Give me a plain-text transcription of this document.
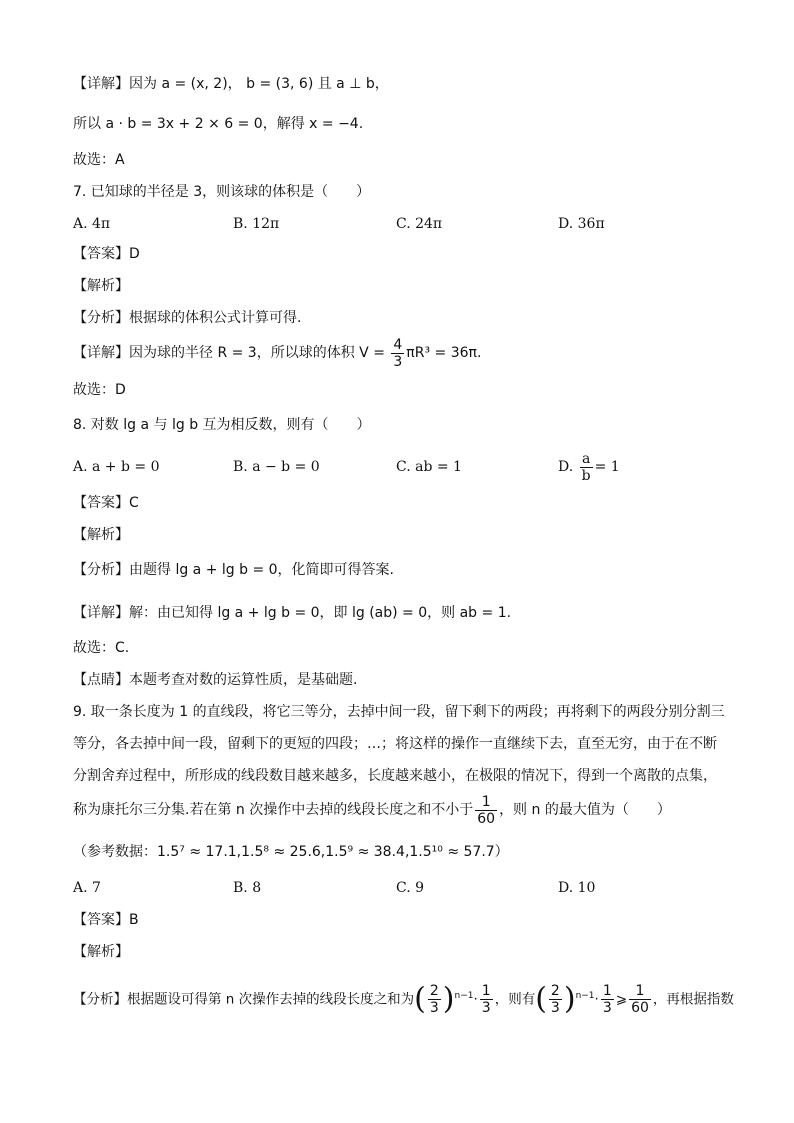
【详解】因为 a = (x, 2)， b = (3, 6) 且 a ⊥ b，
所以 a · b = 3x + 2 × 6 = 0，解得 x = −4.
故选：A
7. 已知球的半径是 3，则该球的体积是（　　）
A. 4π	B. 12π	C. 24π	D. 36π
【答案】D
【解析】
【分析】根据球的体积公式计算可得.
【详解】因为球的半径 R = 3，所以球的体积 $V = \frac{4}{3} \pi R^3 = 36\pi$.
故选：D
8. 对数 lg a 与 lg b 互为相反数，则有（　　）
A. a + b = 0	B. a − b = 0	C. ab = 1	D. $\frac{a}{b} = 1$
【答案】C
【解析】
【分析】由题得 lg a + lg b = 0，化简即可得答案.
【详解】解：由已知得 lg a + lg b = 0，即 lg (ab) = 0，则 ab = 1.
故选：C.
【点睛】本题考查对数的运算性质，是基础题.
9. 取一条长度为 1 的直线段，将它三等分，去掉中间一段，留下剩下的两段；再将剩下的两段分别分割三
等分，各去掉中间一段，留剩下的更短的四段；…；将这样的操作一直继续下去，直至无穷，由于在不断
分割舍弃过程中，所形成的线段数目越来越多，长度越来越小，在极限的情况下，得到一个离散的点集，
称为康托尔三分集.若在第 n 次操作中去掉的线段长度之和不小于 $\frac{1}{60}$ ，则 n 的最大值为（　　）
（参考数据：1.5⁷ ≈ 17.1,1.5⁸ ≈ 25.6,1.5⁹ ≈ 38.4,1.5¹⁰ ≈ 57.7）
A. 7	B. 8	C. 9	D. 10
【答案】B
【解析】
【分析】根据题设可得第 n 次操作去掉的线段长度之和为( $\frac{2}{3} )^{n-1}\cdot \frac{1}{3}$ ，则有( $\frac{2}{3} )^{n-1}\cdot \frac{1}{3}$ ⩾ $\frac{1}{60}$ ，再根据指数
